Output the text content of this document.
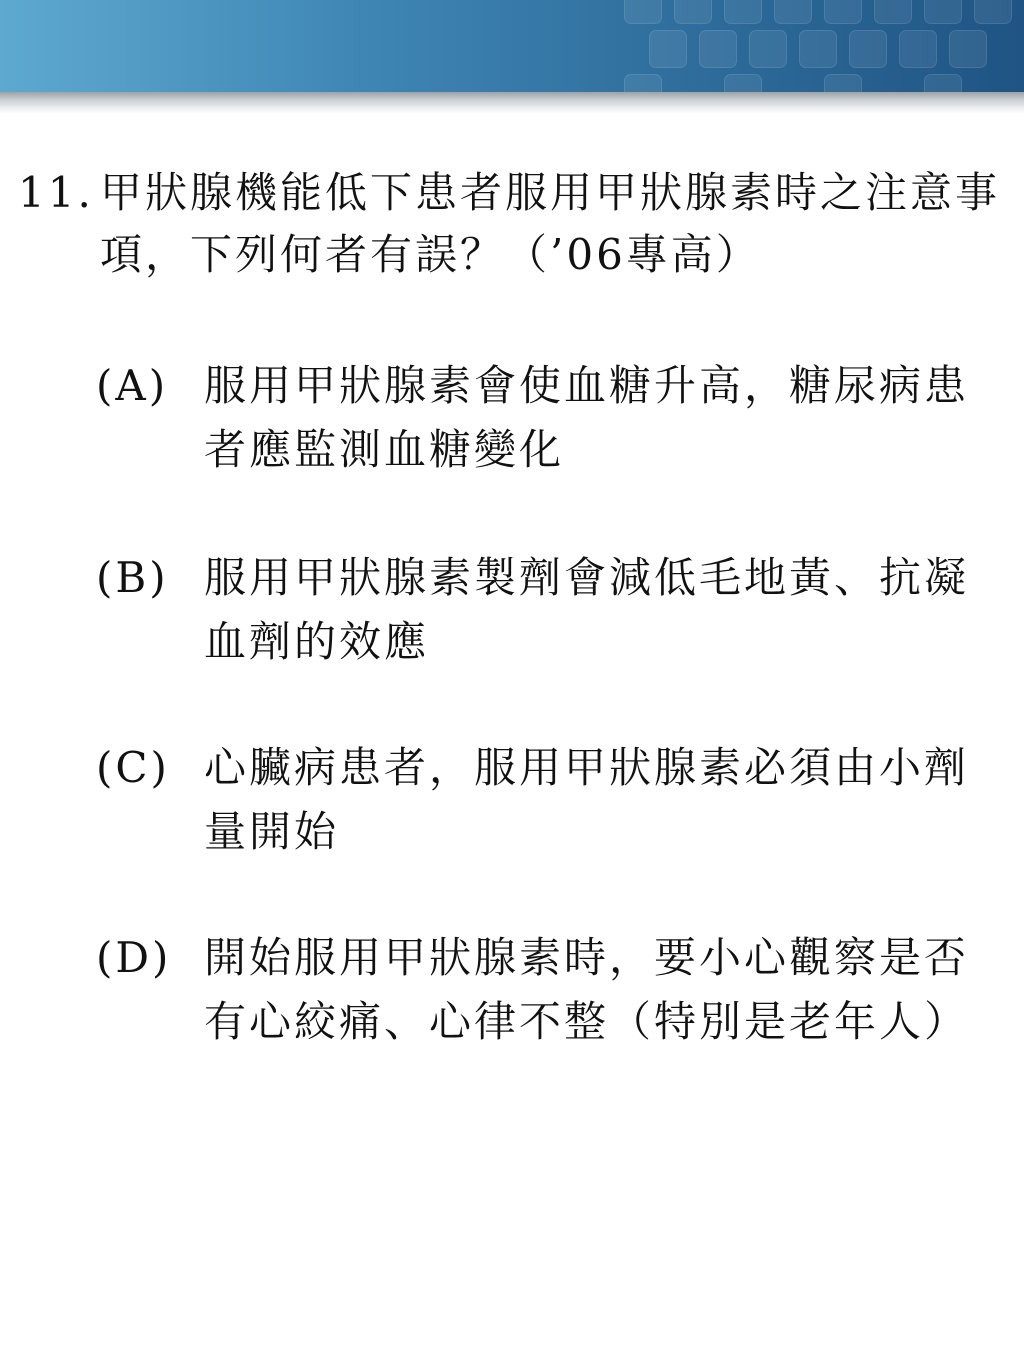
11. 甲狀腺機能低下患者服用甲狀腺素時之注意事項，下列何者有誤？（’06專高）
(A) 服用甲狀腺素會使血糖升高，糖尿病患者應監測血糖變化
(B) 服用甲狀腺素製劑會減低毛地黃、抗凝血劑的效應
(C) 心臟病患者，服用甲狀腺素必須由小劑量開始
(D) 開始服用甲狀腺素時，要小心觀察是否有心絞痛、心律不整（特別是老年人）
